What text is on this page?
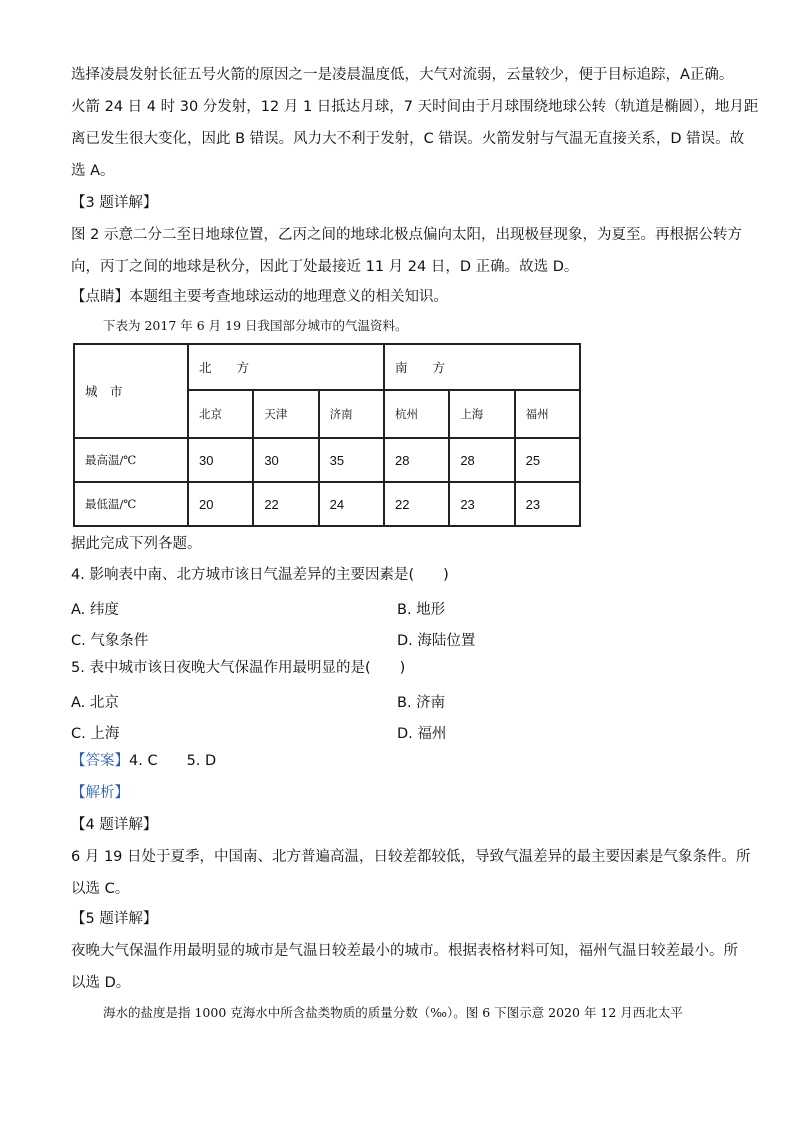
选择凌晨发射长征五号火箭的原因之一是凌晨温度低，大气对流弱，云量较少，便于目标追踪，A正确。
火箭 24 日 4 时 30 分发射，12 月 1 日抵达月球，7 天时间由于月球围绕地球公转（轨道是椭圆），地月距
离已发生很大变化，因此 B 错误。风力大不利于发射，C 错误。火箭发射与气温无直接关系，D 错误。故
选 A。
【3 题详解】
图 2 示意二分二至日地球位置，乙丙之间的地球北极点偏向太阳，出现极昼现象，为夏至。再根据公转方
向，丙丁之间的地球是秋分，因此丁处最接近 11 月 24 日，D 正确。故选 D。
【点睛】本题组主要考查地球运动的地理意义的相关知识。
下表为 2017 年 6 月 19 日我国部分城市的气温资料。
城　市	北　　方			南　　方		
	北京	天津	济南	杭州	上海	福州
最高温/℃	30	30	35	28	28	25
最低温/℃	20	22	24	22	23	23
据此完成下列各题。
4. 影响表中南、北方城市该日气温差异的主要因素是(　　)
A. 纬度	B. 地形
C. 气象条件	D. 海陆位置
5. 表中城市该日夜晚大气保温作用最明显的是(　　)
A. 北京	B. 济南
C. 上海	D. 福州
【答案】4. C　　5. D
【解析】
【4 题详解】
6 月 19 日处于夏季，中国南、北方普遍高温，日较差都较低，导致气温差异的最主要因素是气象条件。所
以选 C。
【5 题详解】
夜晚大气保温作用最明显的城市是气温日较差最小的城市。根据表格材料可知，福州气温日较差最小。所
以选 D。
海水的盐度是指 1000 克海水中所含盐类物质的质量分数（‰）。图 6 下图示意 2020 年 12 月西北太平
